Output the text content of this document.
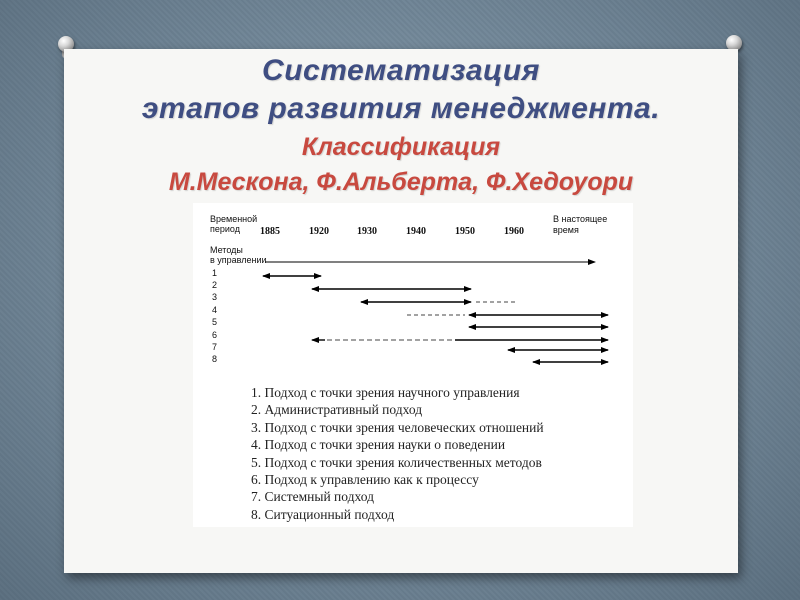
Систематизация
этапов развития менеджмента.
Классификация
М.Мескона, Ф.Альберта, Ф.Хедоуори
Временной
период 1885	1920	1930	1940	1950	1960
В настоящее
время
Методы
в управлении
1
2
3
4
5
6
7
8
1. Подход с точки зрения научного управления
2. Административный подход
3. Подход с точки зрения человеческих отношений
4. Подход с точки зрения науки о поведении
5. Подход с точки зрения количественных методов
6. Подход к управлению как к процессу
7. Системный подход
8. Ситуационный подход
